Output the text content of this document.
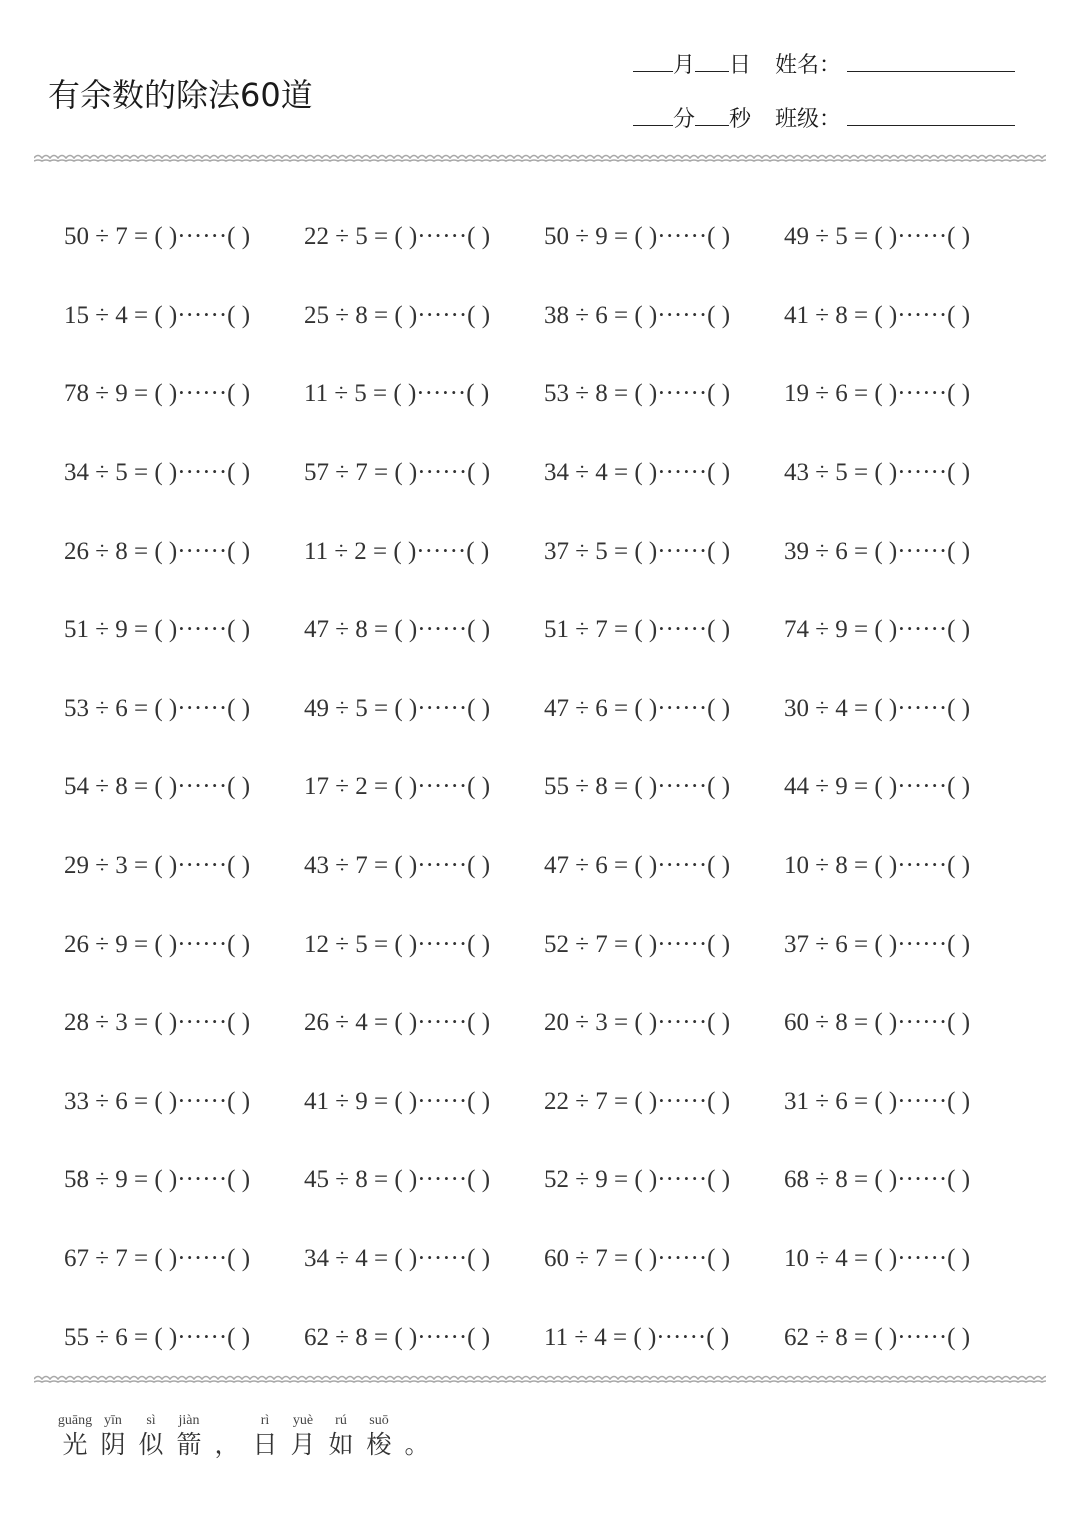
有余数的除法60道
月 日 姓名：
分 秒 班级：
50 ÷ 7 = ( )······( )	22 ÷ 5 = ( )······( )	50 ÷ 9 = ( )······( )	49 ÷ 5 = ( )······( )
15 ÷ 4 = ( )······( )	25 ÷ 8 = ( )······( )	38 ÷ 6 = ( )······( )	41 ÷ 8 = ( )······( )
78 ÷ 9 = ( )······( )	11 ÷ 5 = ( )······( )	53 ÷ 8 = ( )······( )	19 ÷ 6 = ( )······( )
34 ÷ 5 = ( )······( )	57 ÷ 7 = ( )······( )	34 ÷ 4 = ( )······( )	43 ÷ 5 = ( )······( )
26 ÷ 8 = ( )······( )	11 ÷ 2 = ( )······( )	37 ÷ 5 = ( )······( )	39 ÷ 6 = ( )······( )
51 ÷ 9 = ( )······( )	47 ÷ 8 = ( )······( )	51 ÷ 7 = ( )······( )	74 ÷ 9 = ( )······( )
53 ÷ 6 = ( )······( )	49 ÷ 5 = ( )······( )	47 ÷ 6 = ( )······( )	30 ÷ 4 = ( )······( )
54 ÷ 8 = ( )······( )	17 ÷ 2 = ( )······( )	55 ÷ 8 = ( )······( )	44 ÷ 9 = ( )······( )
29 ÷ 3 = ( )······( )	43 ÷ 7 = ( )······( )	47 ÷ 6 = ( )······( )	10 ÷ 8 = ( )······( )
26 ÷ 9 = ( )······( )	12 ÷ 5 = ( )······( )	52 ÷ 7 = ( )······( )	37 ÷ 6 = ( )······( )
28 ÷ 3 = ( )······( )	26 ÷ 4 = ( )······( )	20 ÷ 3 = ( )······( )	60 ÷ 8 = ( )······( )
33 ÷ 6 = ( )······( )	41 ÷ 9 = ( )······( )	22 ÷ 7 = ( )······( )	31 ÷ 6 = ( )······( )
58 ÷ 9 = ( )······( )	45 ÷ 8 = ( )······( )	52 ÷ 9 = ( )······( )	68 ÷ 8 = ( )······( )
67 ÷ 7 = ( )······( )	34 ÷ 4 = ( )······( )	60 ÷ 7 = ( )······( )	10 ÷ 4 = ( )······( )
55 ÷ 6 = ( )······( )	62 ÷ 8 = ( )······( )	11 ÷ 4 = ( )······( )	62 ÷ 8 = ( )······( )
guāng
光
yīn
阴
sì
似
jiàn
箭 ，
rì
日
yuè
月
rú
如
suō
梭 。
